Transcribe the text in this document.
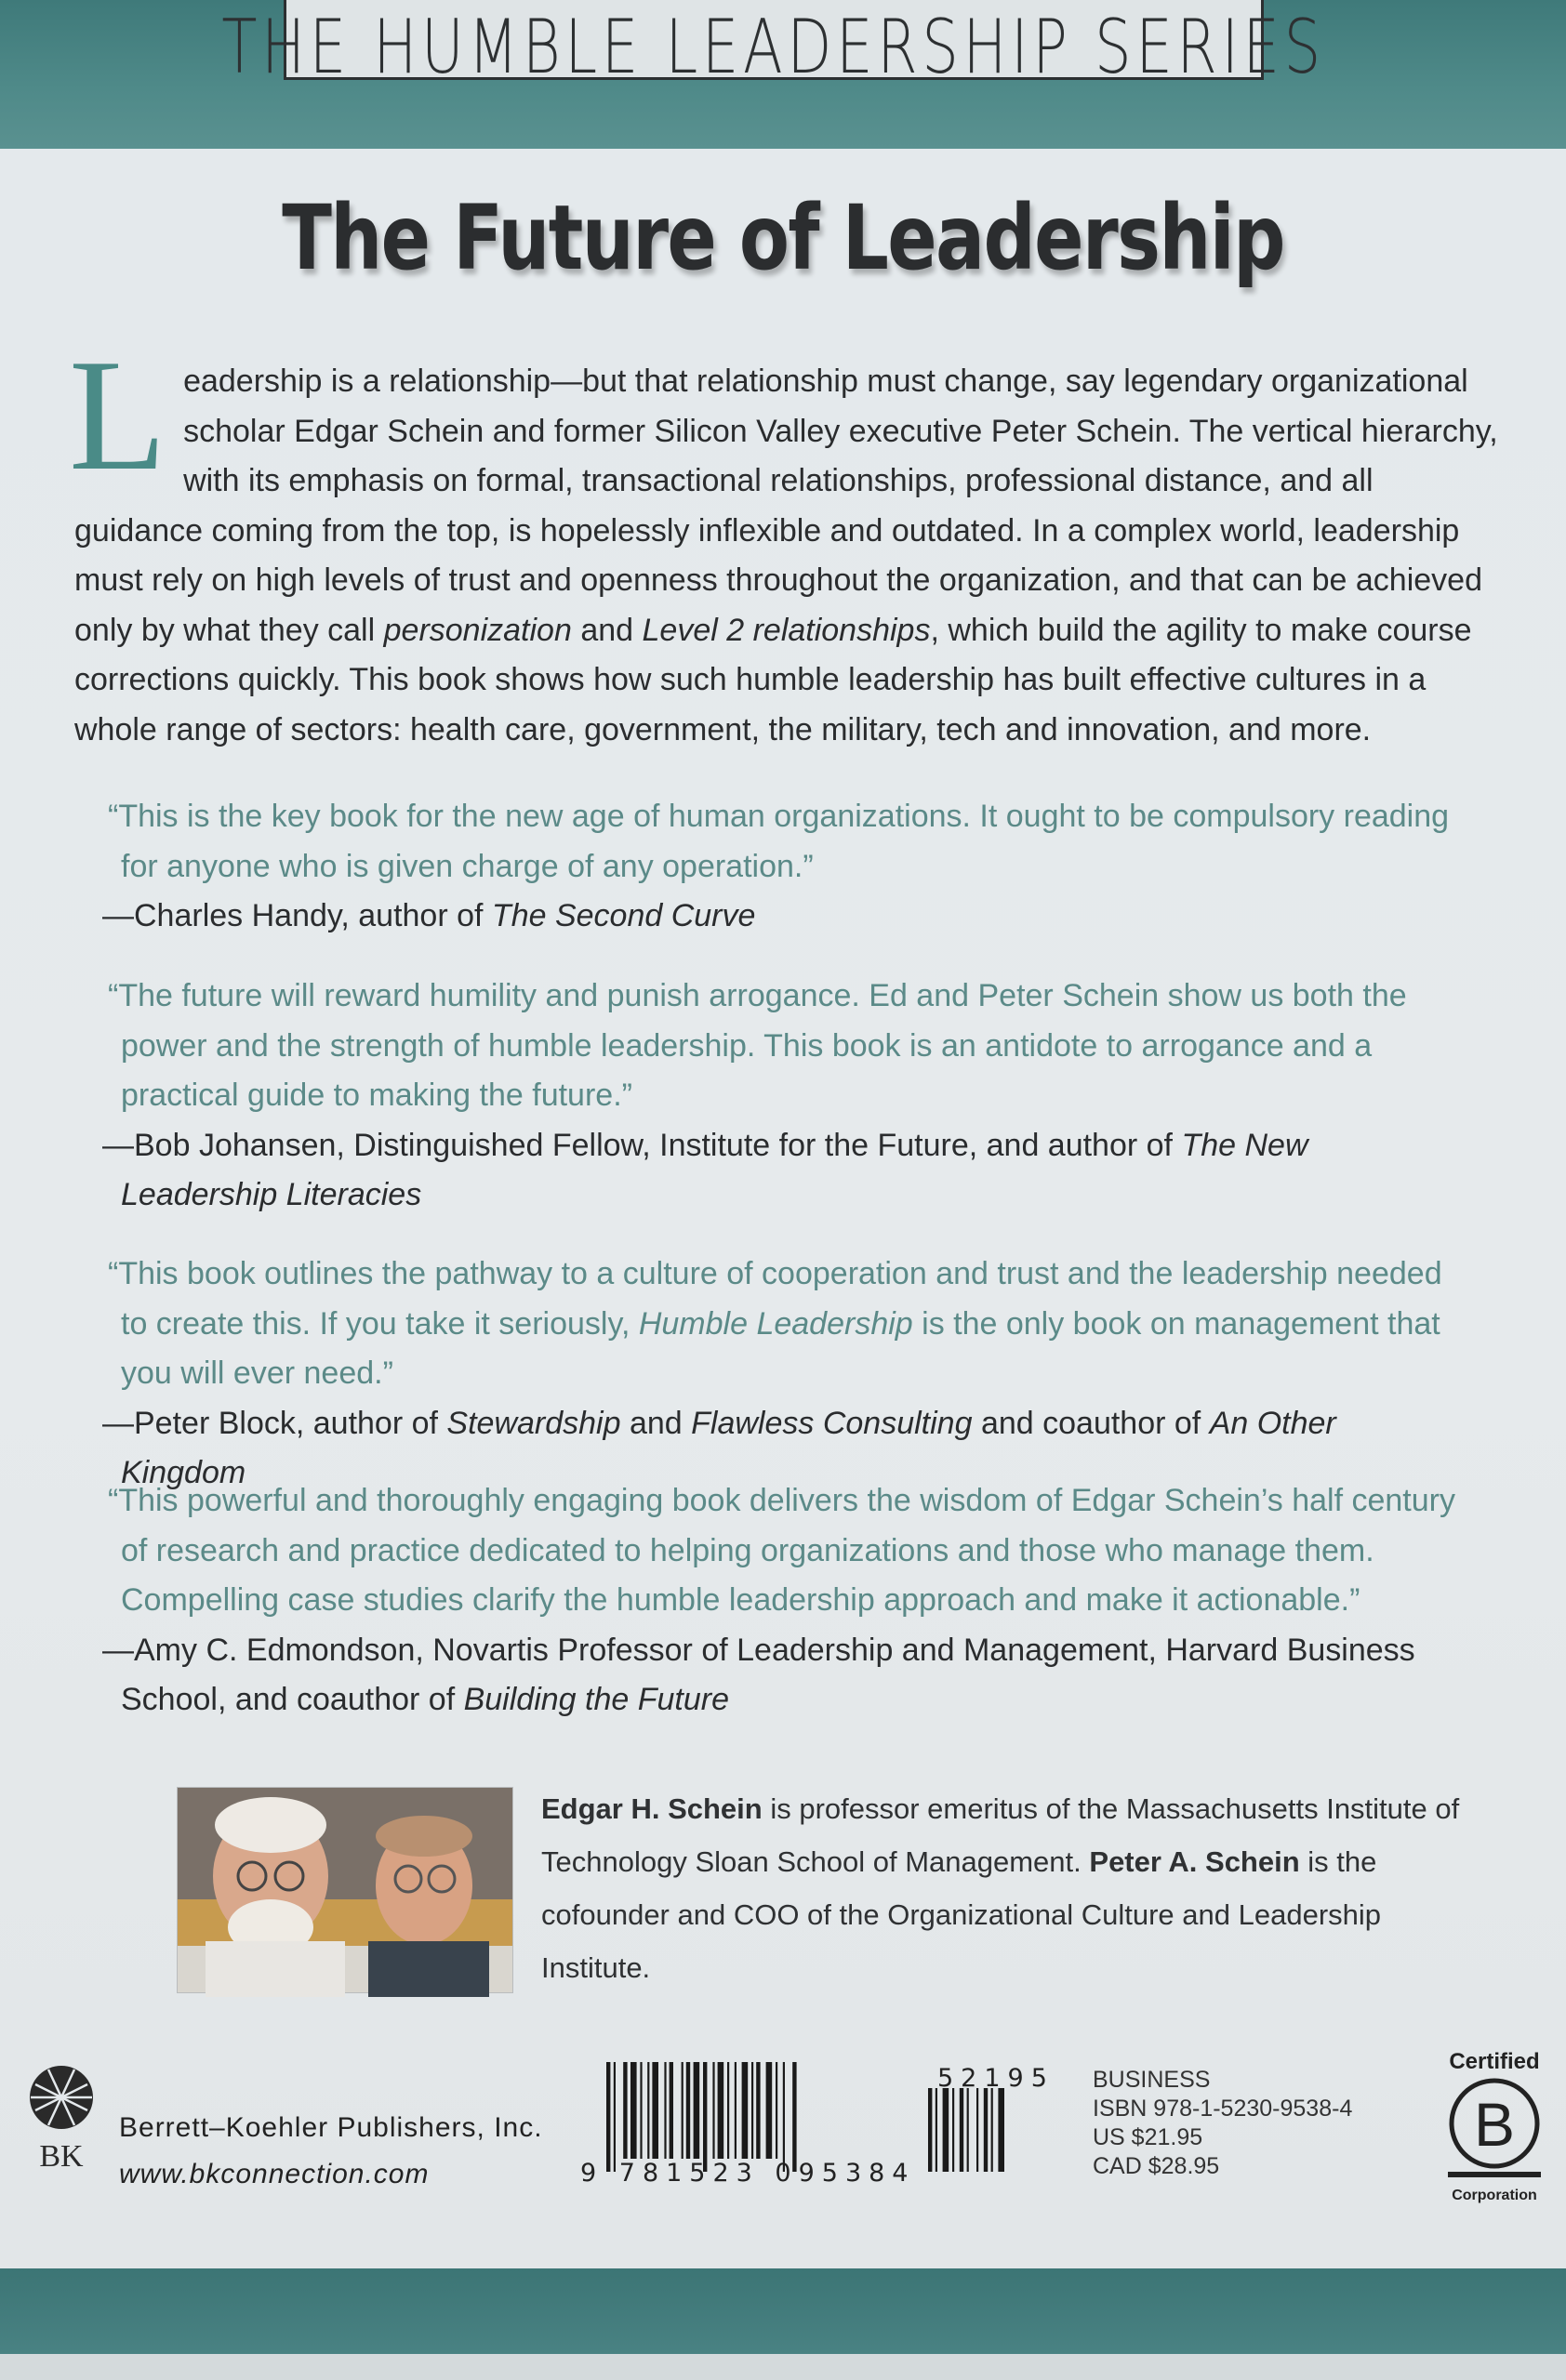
THE HUMBLE LEADERSHIP SERIES
The Future of Leadership
Leadership is a relationship—but that relationship must change, say legendary organizational scholar Edgar Schein and former Silicon Valley executive Peter Schein. The vertical hierarchy, with its emphasis on formal, transactional relationships, professional distance, and all guidance coming from the top, is hopelessly inflexible and outdated. In a complex world, leadership must rely on high levels of trust and openness throughout the organization, and that can be achieved only by what they call personization and Level 2 relationships, which build the agility to make course corrections quickly. This book shows how such humble leadership has built effective cultures in a whole range of sectors: health care, government, the military, tech and innovation, and more.
“This is the key book for the new age of human organizations. It ought to be compulsory reading for anyone who is given charge of any operation.”
—Charles Handy, author of The Second Curve
“The future will reward humility and punish arrogance. Ed and Peter Schein show us both the power and the strength of humble leadership. This book is an antidote to arrogance and a practical guide to making the future.”
—Bob Johansen, Distinguished Fellow, Institute for the Future, and author of The New Leadership Literacies
“This book outlines the pathway to a culture of cooperation and trust and the leadership needed to create this. If you take it seriously, Humble Leadership is the only book on management that you will ever need.”
—Peter Block, author of Stewardship and Flawless Consulting and coauthor of An Other Kingdom
“This powerful and thoroughly engaging book delivers the wisdom of Edgar Schein’s half century of research and practice dedicated to helping organizations and those who manage them. Compelling case studies clarify the humble leadership approach and make it actionable.”
—Amy C. Edmondson, Novartis Professor of Leadership and Management, Harvard Business School, and coauthor of Building the Future
Edgar H. Schein is professor emeritus of the Massachusetts Institute of Technology Sloan School of Management. Peter A. Schein is the cofounder and COO of the Organizational Culture and Leadership Institute.
BK
Berrett–Koehler Publishers, Inc.
www.bkconnection.com	9 781523 095384
52195 BUSINESS
ISBN 978-1-5230-9538-4
US $21.95
CAD $28.95
Certified
B
Corporation
